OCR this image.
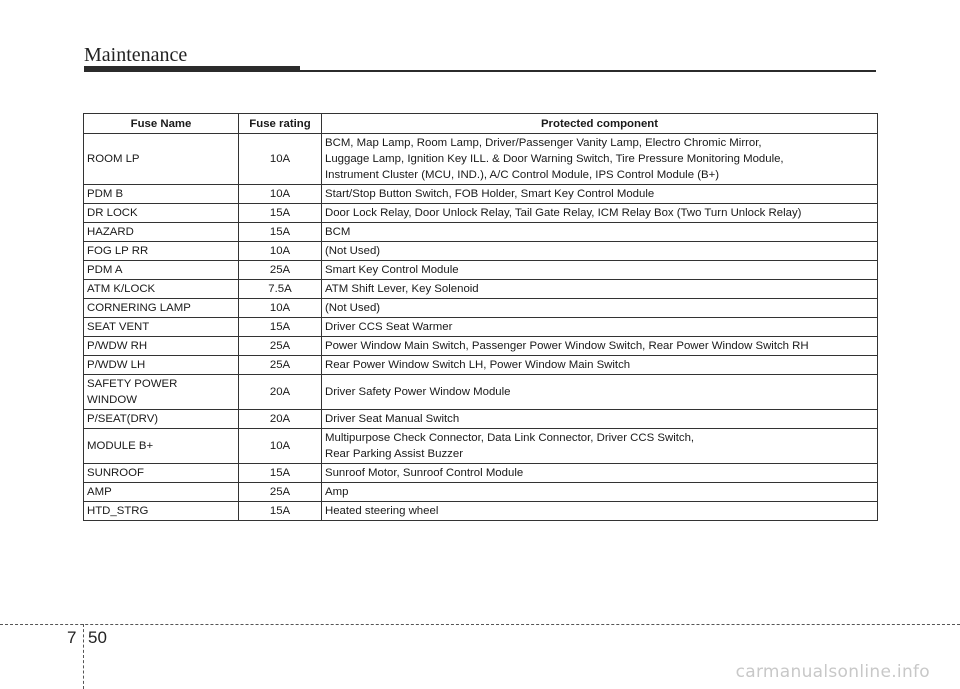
Maintenance
Fuse Name	Fuse rating	Protected component
ROOM LP	10A	BCM, Map Lamp, Room Lamp, Driver/Passenger Vanity Lamp, Electro Chromic Mirror,
Luggage Lamp, Ignition Key ILL. & Door Warning Switch, Tire Pressure Monitoring Module,
Instrument Cluster (MCU, IND.), A/C Control Module, IPS Control Module (B+)
PDM B	10A	Start/Stop Button Switch, FOB Holder, Smart Key Control Module
DR LOCK	15A	Door Lock Relay, Door Unlock Relay, Tail Gate Relay, ICM Relay Box (Two Turn Unlock Relay)
HAZARD	15A	BCM
FOG LP RR	10A	(Not Used)
PDM A	25A	Smart Key Control Module
ATM K/LOCK	7.5A	ATM Shift Lever, Key Solenoid
CORNERING LAMP	10A	(Not Used)
SEAT VENT	15A	Driver CCS Seat Warmer
P/WDW RH	25A	Power Window Main Switch, Passenger Power Window Switch, Rear Power Window Switch RH
P/WDW LH	25A	Rear Power Window Switch LH, Power Window Main Switch
SAFETY POWER
WINDOW	20A	Driver Safety Power Window Module
P/SEAT(DRV)	20A	Driver Seat Manual Switch
MODULE B+	10A	Multipurpose Check Connector, Data Link Connector, Driver CCS Switch,
Rear Parking Assist Buzzer
SUNROOF	15A	Sunroof Motor, Sunroof Control Module
AMP	25A	Amp
HTD_STRG	15A	Heated steering wheel
7 50
carmanualsonline.info
